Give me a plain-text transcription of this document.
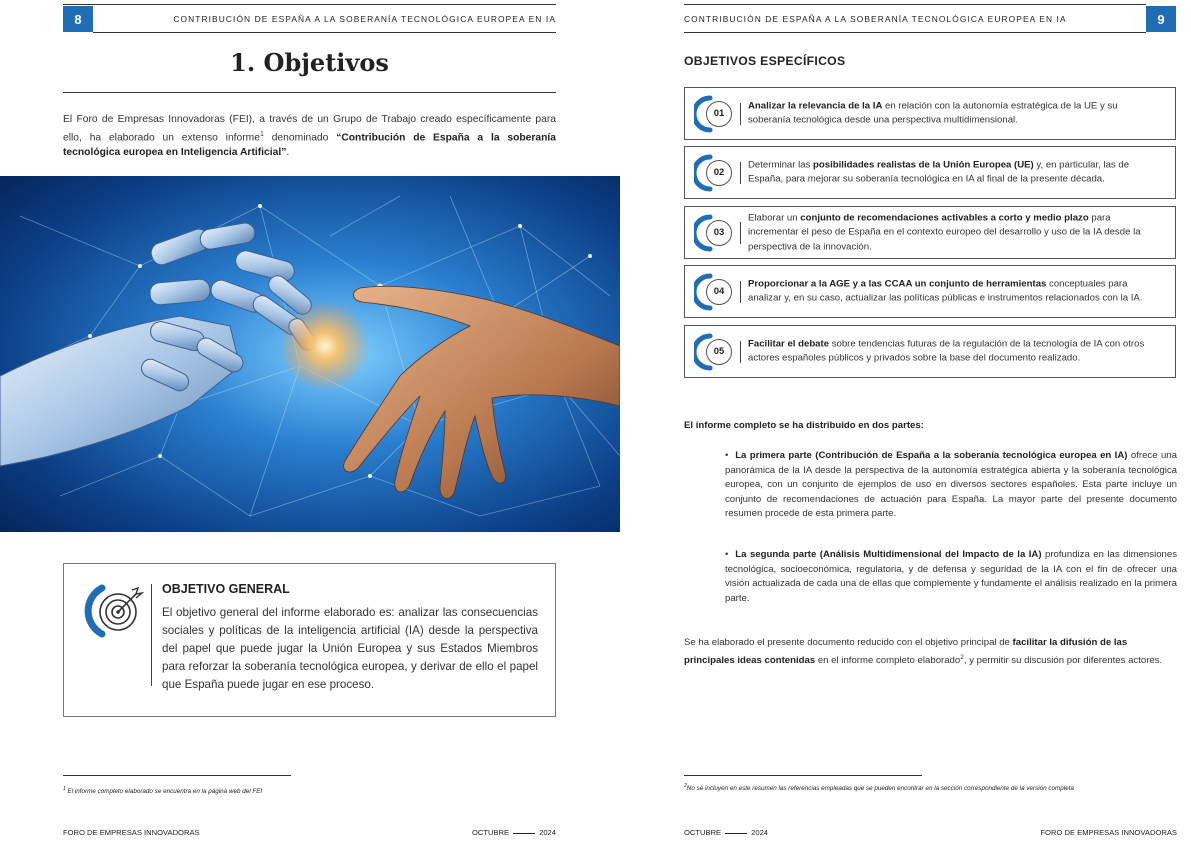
8	CONTRIBUCIÓN DE ESPAÑA A LA SOBERANÍA TECNOLÓGICA EUROPEA EN IA
1. Objetivos
El Foro de Empresas Innovadoras (FEI), a través de un Grupo de Trabajo creado específicamente para ello, ha elaborado un extenso informe$^1$ denominado “Contribución de España a la soberanía tecnológica europea en Inteligencia Artificial”.
OBJETIVO GENERAL
El objetivo general del informe elaborado es: analizar las consecuencias sociales y políticas de la inteligencia artificial (IA) desde la perspectiva del papel que puede jugar la Unión Europea y sus Estados Miembros para reforzar la soberanía tecnológica europea, y derivar de ello el papel que España puede jugar en ese proceso.
$^1$ El informe completo elaborado se encuentra en la página web del FEI
FORO DE EMPRESAS INNOVADORAS	OCTUBRE	2024
CONTRIBUCIÓN DE ESPAÑA A LA SOBERANÍA TECNOLÓGICA EUROPEA EN IA	9
OBJETIVOS ESPECÍFICOS
01
Analizar la relevancia de la IA en relación con la autonomía estratégica de la UE y su soberanía tecnológica desde una perspectiva multidimensional.
02
Determinar las posibilidades realistas de la Unión Europea (UE) y, en particular, las de España, para mejorar su soberanía tecnológica en IA al final de la presente década.
03
Elaborar un conjunto de recomendaciones activables a corto y medio plazo para incrementar el peso de España en el contexto europeo del desarrollo y uso de la IA desde la perspectiva de la innovación.
04
Proporcionar a la AGE y a las CCAA un conjunto de herramientas conceptuales para analizar y, en su caso, actualizar las políticas públicas e instrumentos relacionados con la IA.
05
Facilitar el debate sobre tendencias futuras de la regulación de la tecnología de IA con otros actores españoles públicos y privados sobre la base del documento realizado.
El informe completo se ha distribuido en dos partes:
•  La primera parte (Contribución de España a la soberanía tecnológica europea en IA) ofrece una panorámica de la IA desde la perspectiva de la autonomía estratégica abierta y la soberanía tecnológica europea, con un conjunto de ejemplos de uso en diversos sectores españoles. Esta parte incluye un conjunto de recomendaciones de actuación para España. La mayor parte del presente documento resumen procede de esta primera parte.
•  La segunda parte (Análisis Multidimensional del Impacto de la IA) profundiza en las dimensiones tecnológica, socioeconómica, regulatoria, y de defensa y seguridad de la IA con el fin de ofrecer una visión actualizada de cada una de ellas que complemente y fundamente el análisis realizado en la primera parte.
Se ha elaborado el presente documento reducido con el objetivo principal de facilitar la difusión de las principales ideas contenidas en el informe completo elaborado$^2$, y permitir su discusión por diferentes actores.
$^2$No se incluyen en este resumen las referencias empleadas que se pueden encontrar en la sección correspondiente de la versión completa
OCTUBRE	2024	FORO DE EMPRESAS INNOVADORAS
